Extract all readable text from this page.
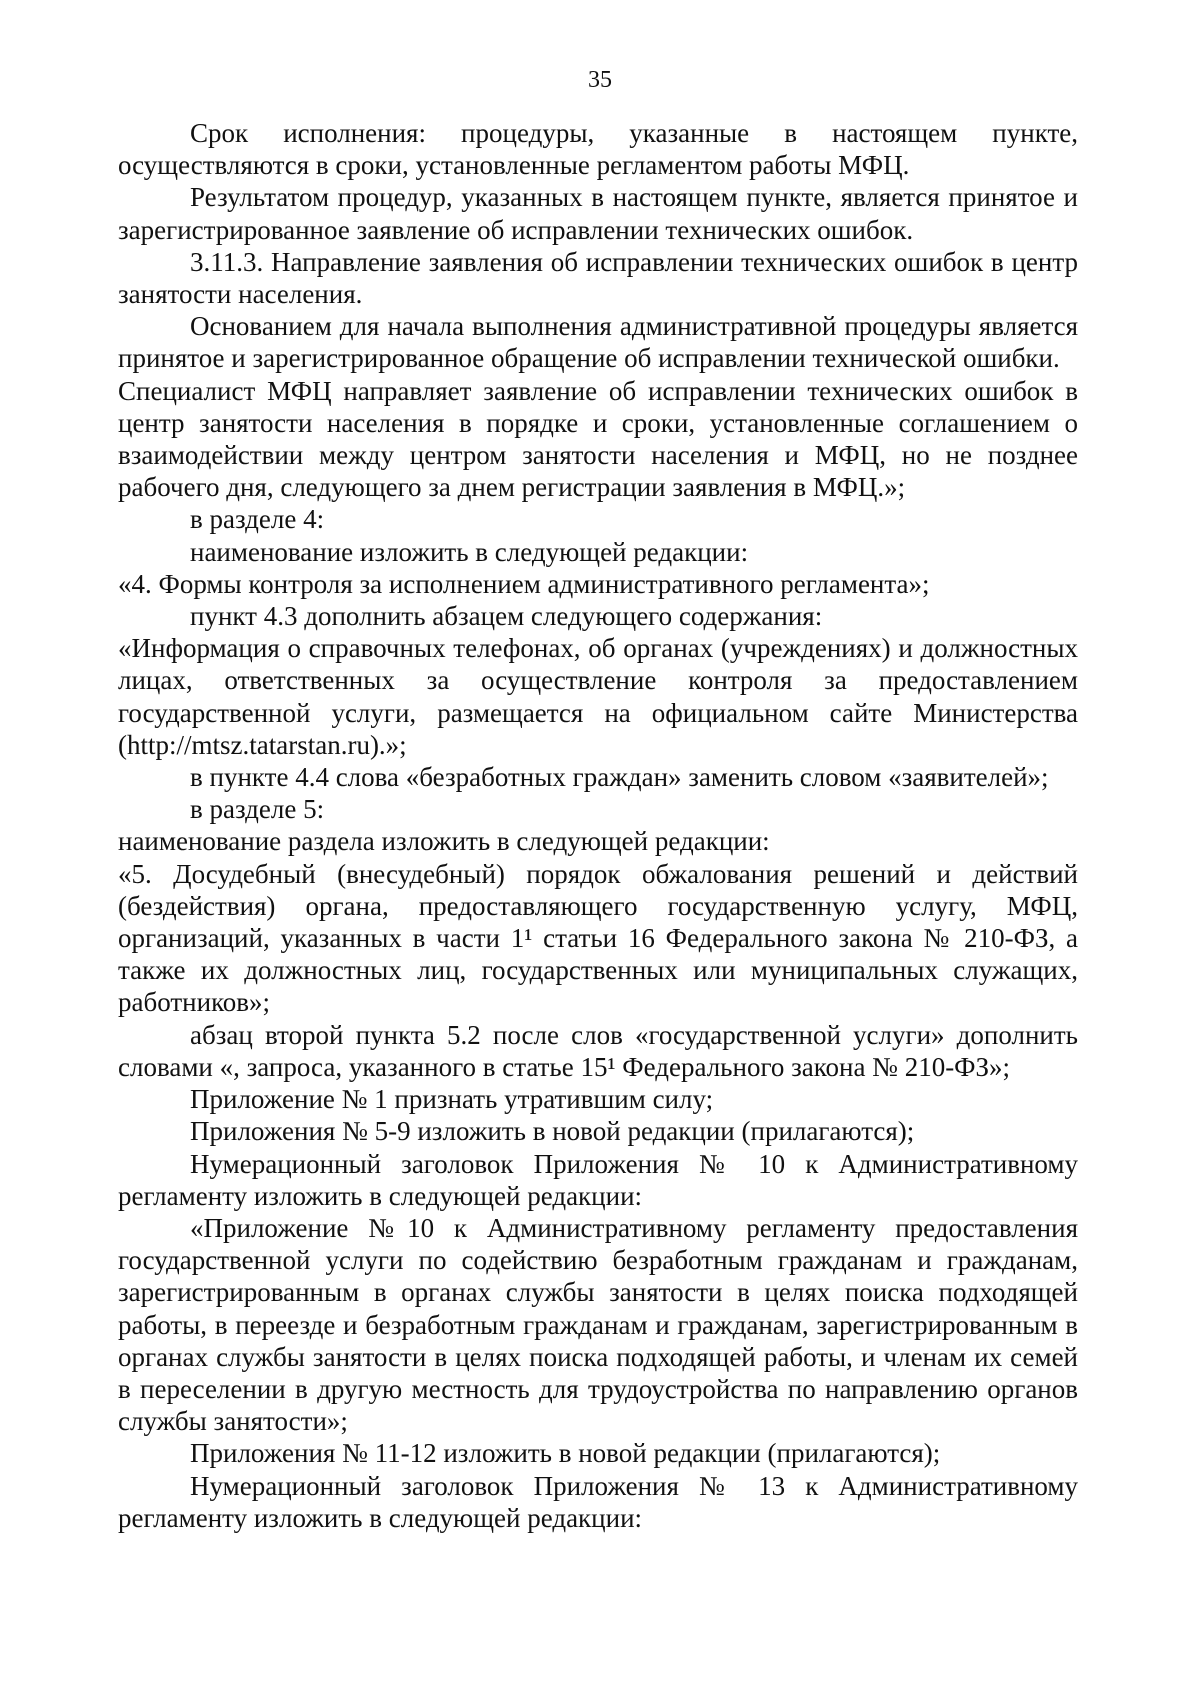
35

Срок исполнения: процедуры, указанные в настоящем пункте, осуществляются в сроки, установленные регламентом работы МФЦ.

Результатом процедур, указанных в настоящем пункте, является принятое и зарегистрированное заявление об исправлении технических ошибок.

3.11.3. Направление заявления об исправлении технических ошибок в центр занятости населения.

Основанием для начала выполнения административной процедуры является принятое и зарегистрированное обращение об исправлении технической ошибки.

Специалист МФЦ направляет заявление об исправлении технических ошибок в центр занятости населения в порядке и сроки, установленные соглашением о взаимодействии между центром занятости населения и МФЦ, но не позднее рабочего дня, следующего за днем регистрации заявления в МФЦ.»;

в разделе 4:

наименование изложить в следующей редакции:

«4. Формы контроля за исполнением административного регламента»;

пункт 4.3 дополнить абзацем следующего содержания:

«Информация о справочных телефонах, об органах (учреждениях) и должностных лицах, ответственных за осуществление контроля за предоставлением государственной услуги, размещается на официальном сайте Министерства (http://mtsz.tatarstan.ru).»;

в пункте 4.4 слова «безработных граждан» заменить словом «заявителей»;

в разделе 5:

наименование раздела изложить в следующей редакции:

«5. Досудебный (внесудебный) порядок обжалования решений и действий (бездействия) органа, предоставляющего государственную услугу, МФЦ, организаций, указанных в части 1¹ статьи 16 Федерального закона № 210-ФЗ, а также их должностных лиц, государственных или муниципальных служащих, работников»;

абзац второй пункта 5.2 после слов «государственной услуги» дополнить словами «, запроса, указанного в статье 15¹ Федерального закона № 210-ФЗ»;

Приложение № 1 признать утратившим силу;

Приложения № 5-9 изложить в новой редакции (прилагаются);

Нумерационный заголовок Приложения № 10 к Административному регламенту изложить в следующей редакции:

«Приложение №10 к Административному регламенту предоставления государственной услуги по содействию безработным гражданам и гражданам, зарегистрированным в органах службы занятости в целях поиска подходящей работы, в переезде и безработным гражданам и гражданам, зарегистрированным в органах службы занятости в целях поиска подходящей работы, и членам их семей в переселении в другую местность для трудоустройства по направлению органов службы занятости»;

Приложения № 11-12 изложить в новой редакции (прилагаются);

Нумерационный заголовок Приложения № 13 к Административному регламенту изложить в следующей редакции:
